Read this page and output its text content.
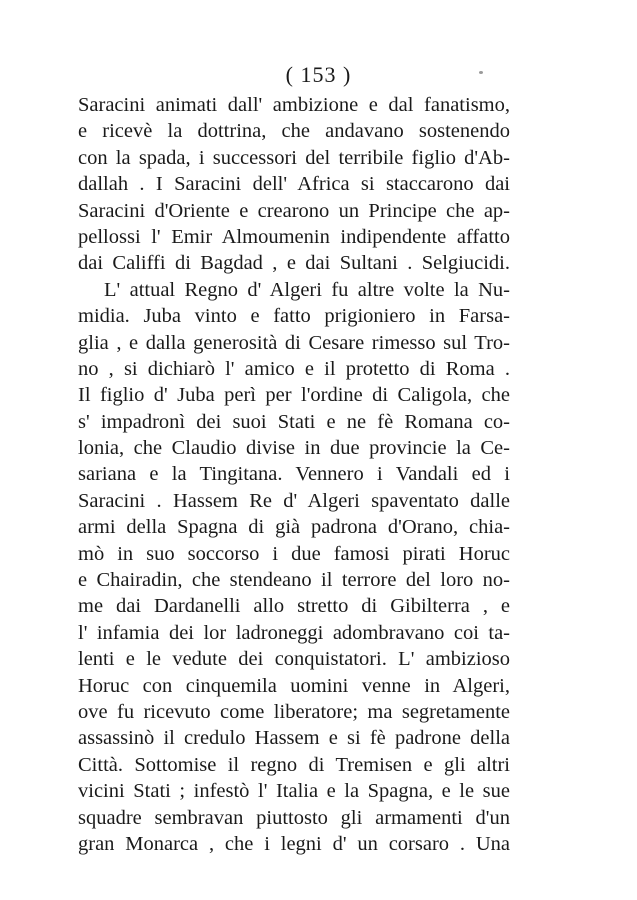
( 153 )
Saracini animati dall' ambizione e dal fanatismo,
e ricevè la dottrina, che andavano sostenendo
con la spada, i successori del terribile figlio d'Ab-
dallah . I Saracini dell' Africa si staccarono dai
Saracini d'Oriente e crearono un Principe che ap-
pellossi l' Emir Almoumenin indipendente affatto
dai Califfi di Bagdad , e dai Sultani . Selgiucidi.
L' attual Regno d' Algeri fu altre volte la Nu-
midia. Juba vinto e fatto prigioniero in Farsa-
glia , e dalla generosità di Cesare rimesso sul Tro-
no , si dichiarò l' amico e il protetto di Roma .
Il figlio d' Juba perì per l'ordine di Caligola, che
s' impadronì dei suoi Stati e ne fè Romana co-
lonia, che Claudio divise in due provincie la Ce-
sariana e la Tingitana. Vennero i Vandali ed i
Saracini . Hassem Re d' Algeri spaventato dalle
armi della Spagna di già padrona d'Orano, chia-
mò in suo soccorso i due famosi pirati Horuc
e Chairadin, che stendeano il terrore del loro no-
me dai Dardanelli allo stretto di Gibilterra , e
l' infamia dei lor ladroneggi adombravano coi ta-
lenti e le vedute dei conquistatori. L' ambizioso
Horuc con cinquemila uomini venne in Algeri,
ove fu ricevuto come liberatore; ma segretamente
assassinò il credulo Hassem e si fè padrone della
Città. Sottomise il regno di Tremisen e gli altri
vicini Stati ; infestò l' Italia e la Spagna, e le sue
squadre sembravan piuttosto gli armamenti d'un
gran Monarca , che i legni d' un corsaro . Una
